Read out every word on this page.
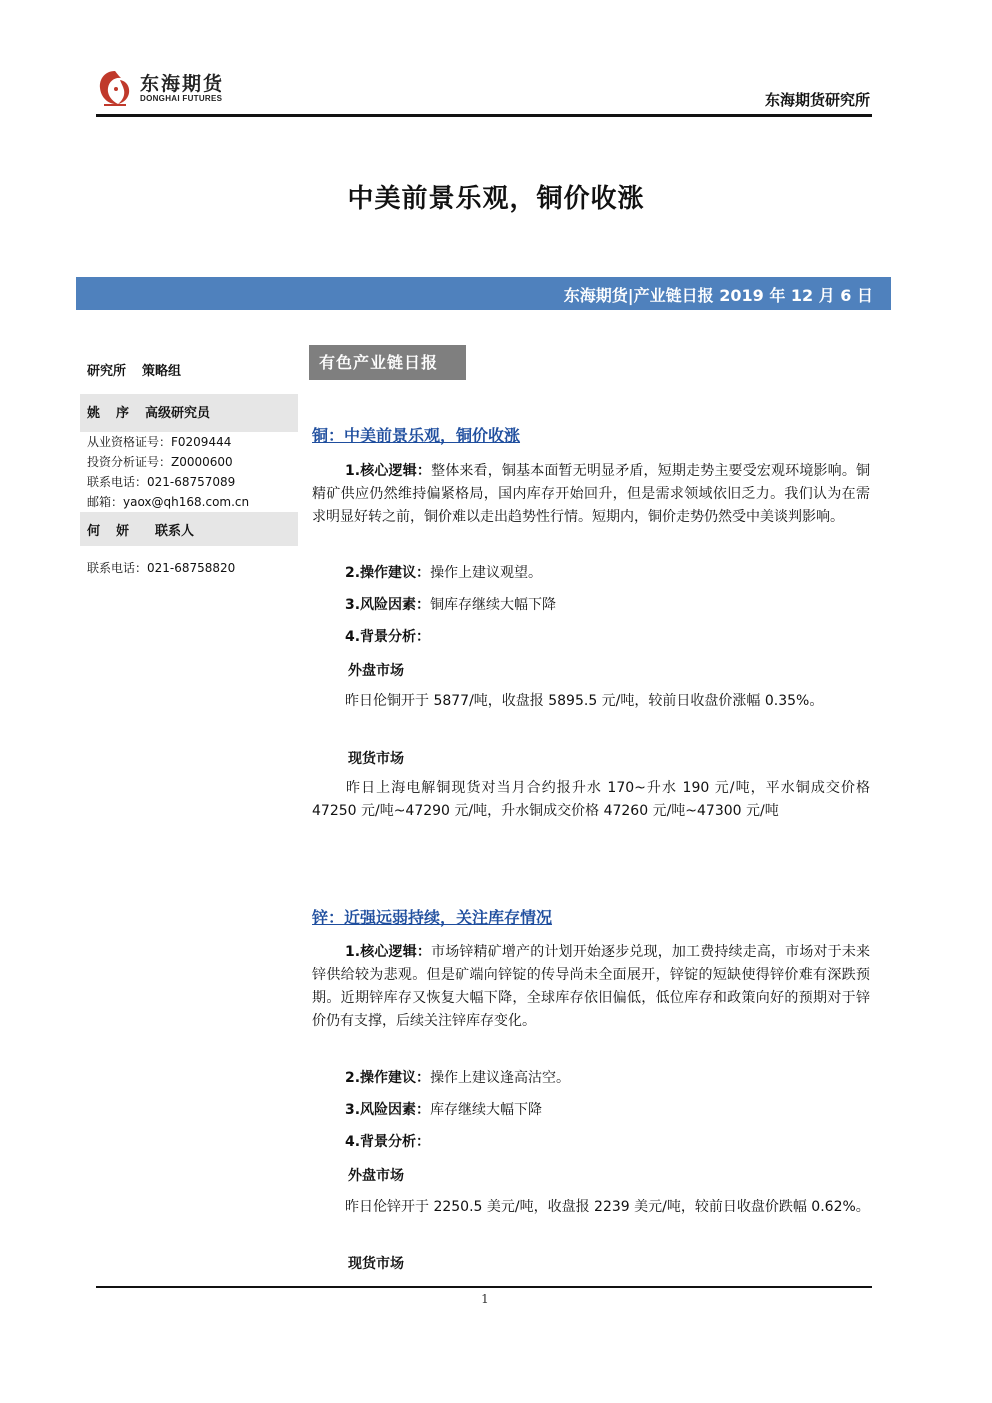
东海期货
DONGHAI FUTURES	东海期货研究所
中美前景乐观，铜价收涨
东海期货|产业链日报 2019 年 12 月 6 日
研究所 策略组
姚 序 高级研究员
从业资格证号：F0209444
投资分析证号：Z0000600
联系电话：021-68757089
邮箱：yaox@qh168.com.cn
何 妍 联系人
联系电话：021-68758820
有色产业链日报
铜：中美前景乐观，铜价收涨
1.核心逻辑：整体来看，铜基本面暂无明显矛盾，短期走势主要受宏观环境影响。铜精矿供应仍然维持偏紧格局，国内库存开始回升，但是需求领域依旧乏力。我们认为在需求明显好转之前，铜价难以走出趋势性行情。短期内，铜价走势仍然受中美谈判影响。
2.操作建议：操作上建议观望。
3.风险因素：铜库存继续大幅下降
4.背景分析：
外盘市场
昨日伦铜开于 5877/吨，收盘报 5895.5 元/吨，较前日收盘价涨幅 0.35%。
现货市场
昨日上海电解铜现货对当月合约报升水 170~升水 190 元/吨，平水铜成交价格 47250 元/吨~47290 元/吨，升水铜成交价格 47260 元/吨~47300 元/吨
锌：近强远弱持续，关注库存情况
1.核心逻辑：市场锌精矿增产的计划开始逐步兑现，加工费持续走高，市场对于未来锌供给较为悲观。但是矿端向锌锭的传导尚未全面展开，锌锭的短缺使得锌价难有深跌预期。近期锌库存又恢复大幅下降，全球库存依旧偏低，低位库存和政策向好的预期对于锌价仍有支撑，后续关注锌库存变化。
2.操作建议：操作上建议逢高沽空。
3.风险因素：库存继续大幅下降
4.背景分析：
外盘市场
昨日伦锌开于 2250.5 美元/吨，收盘报 2239 美元/吨，较前日收盘价跌幅 0.62%。
现货市场
1
